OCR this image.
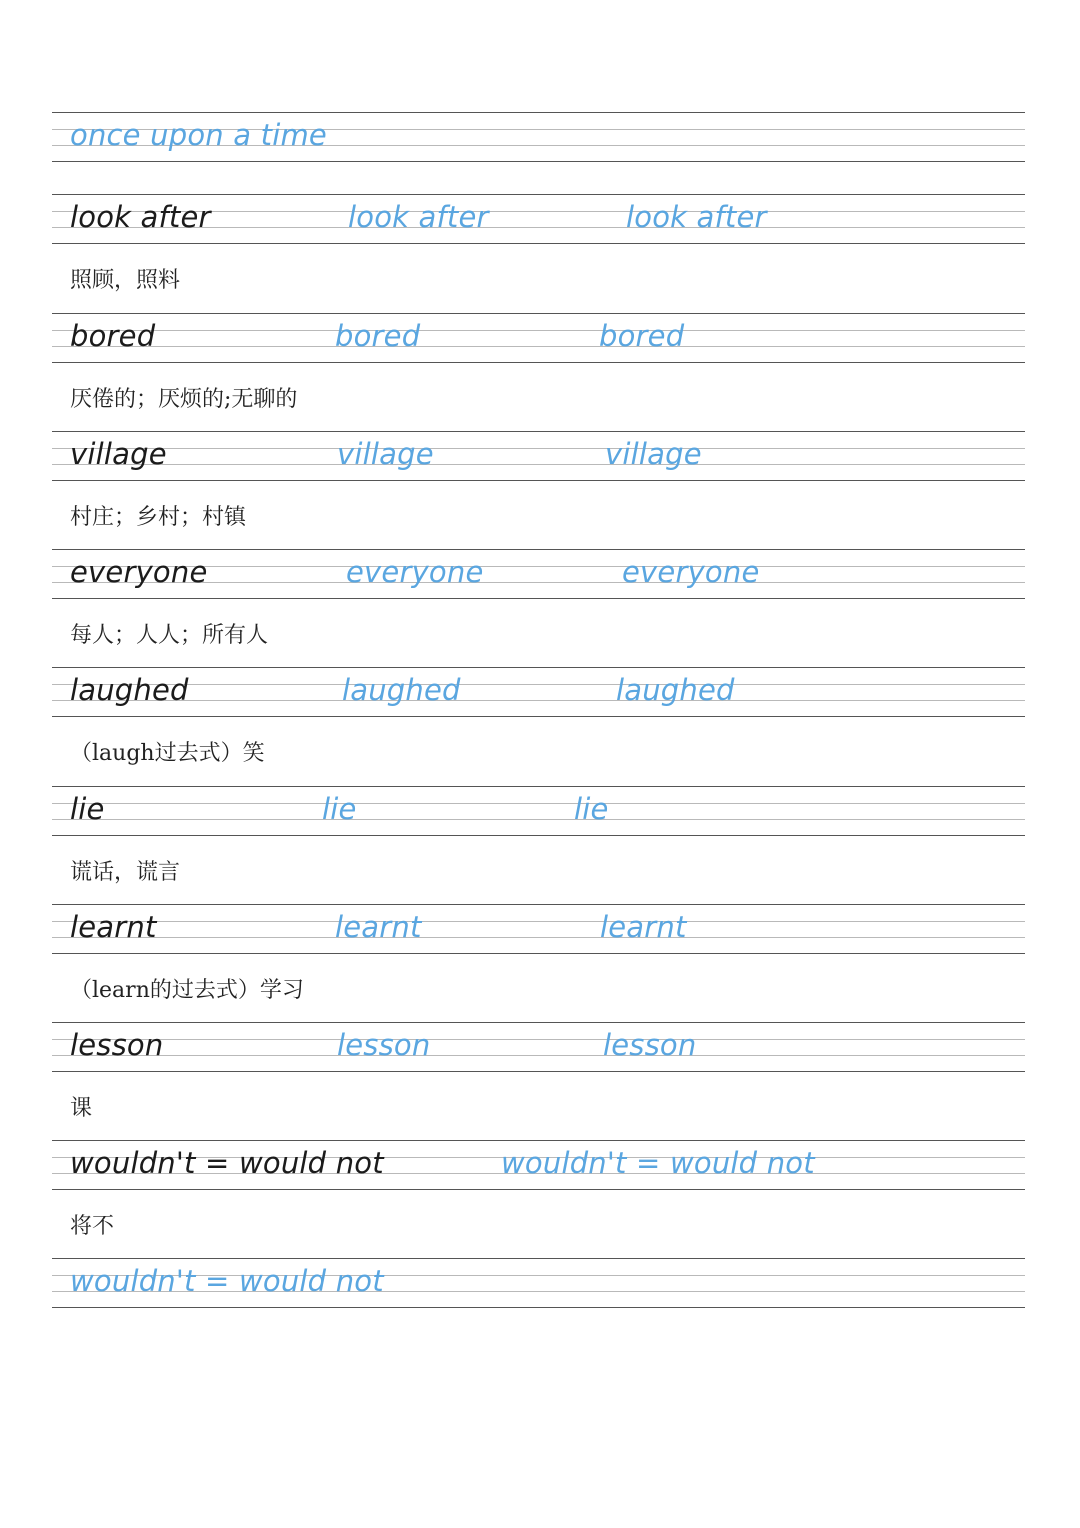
once upon a time
look after	look after	look after
照顾，照料
bored	bored	bored
厌倦的；厌烦的;无聊的
village	village	village
村庄；乡村；村镇
everyone	everyone	everyone
每人；人人；所有人
laughed	laughed	laughed
（laugh过去式）笑
lie	lie	lie
谎话，谎言
learnt	learnt	learnt
（learn的过去式）学习
lesson	lesson	lesson
课
wouldn't = would not	wouldn't = would not
将不
wouldn't = would not
